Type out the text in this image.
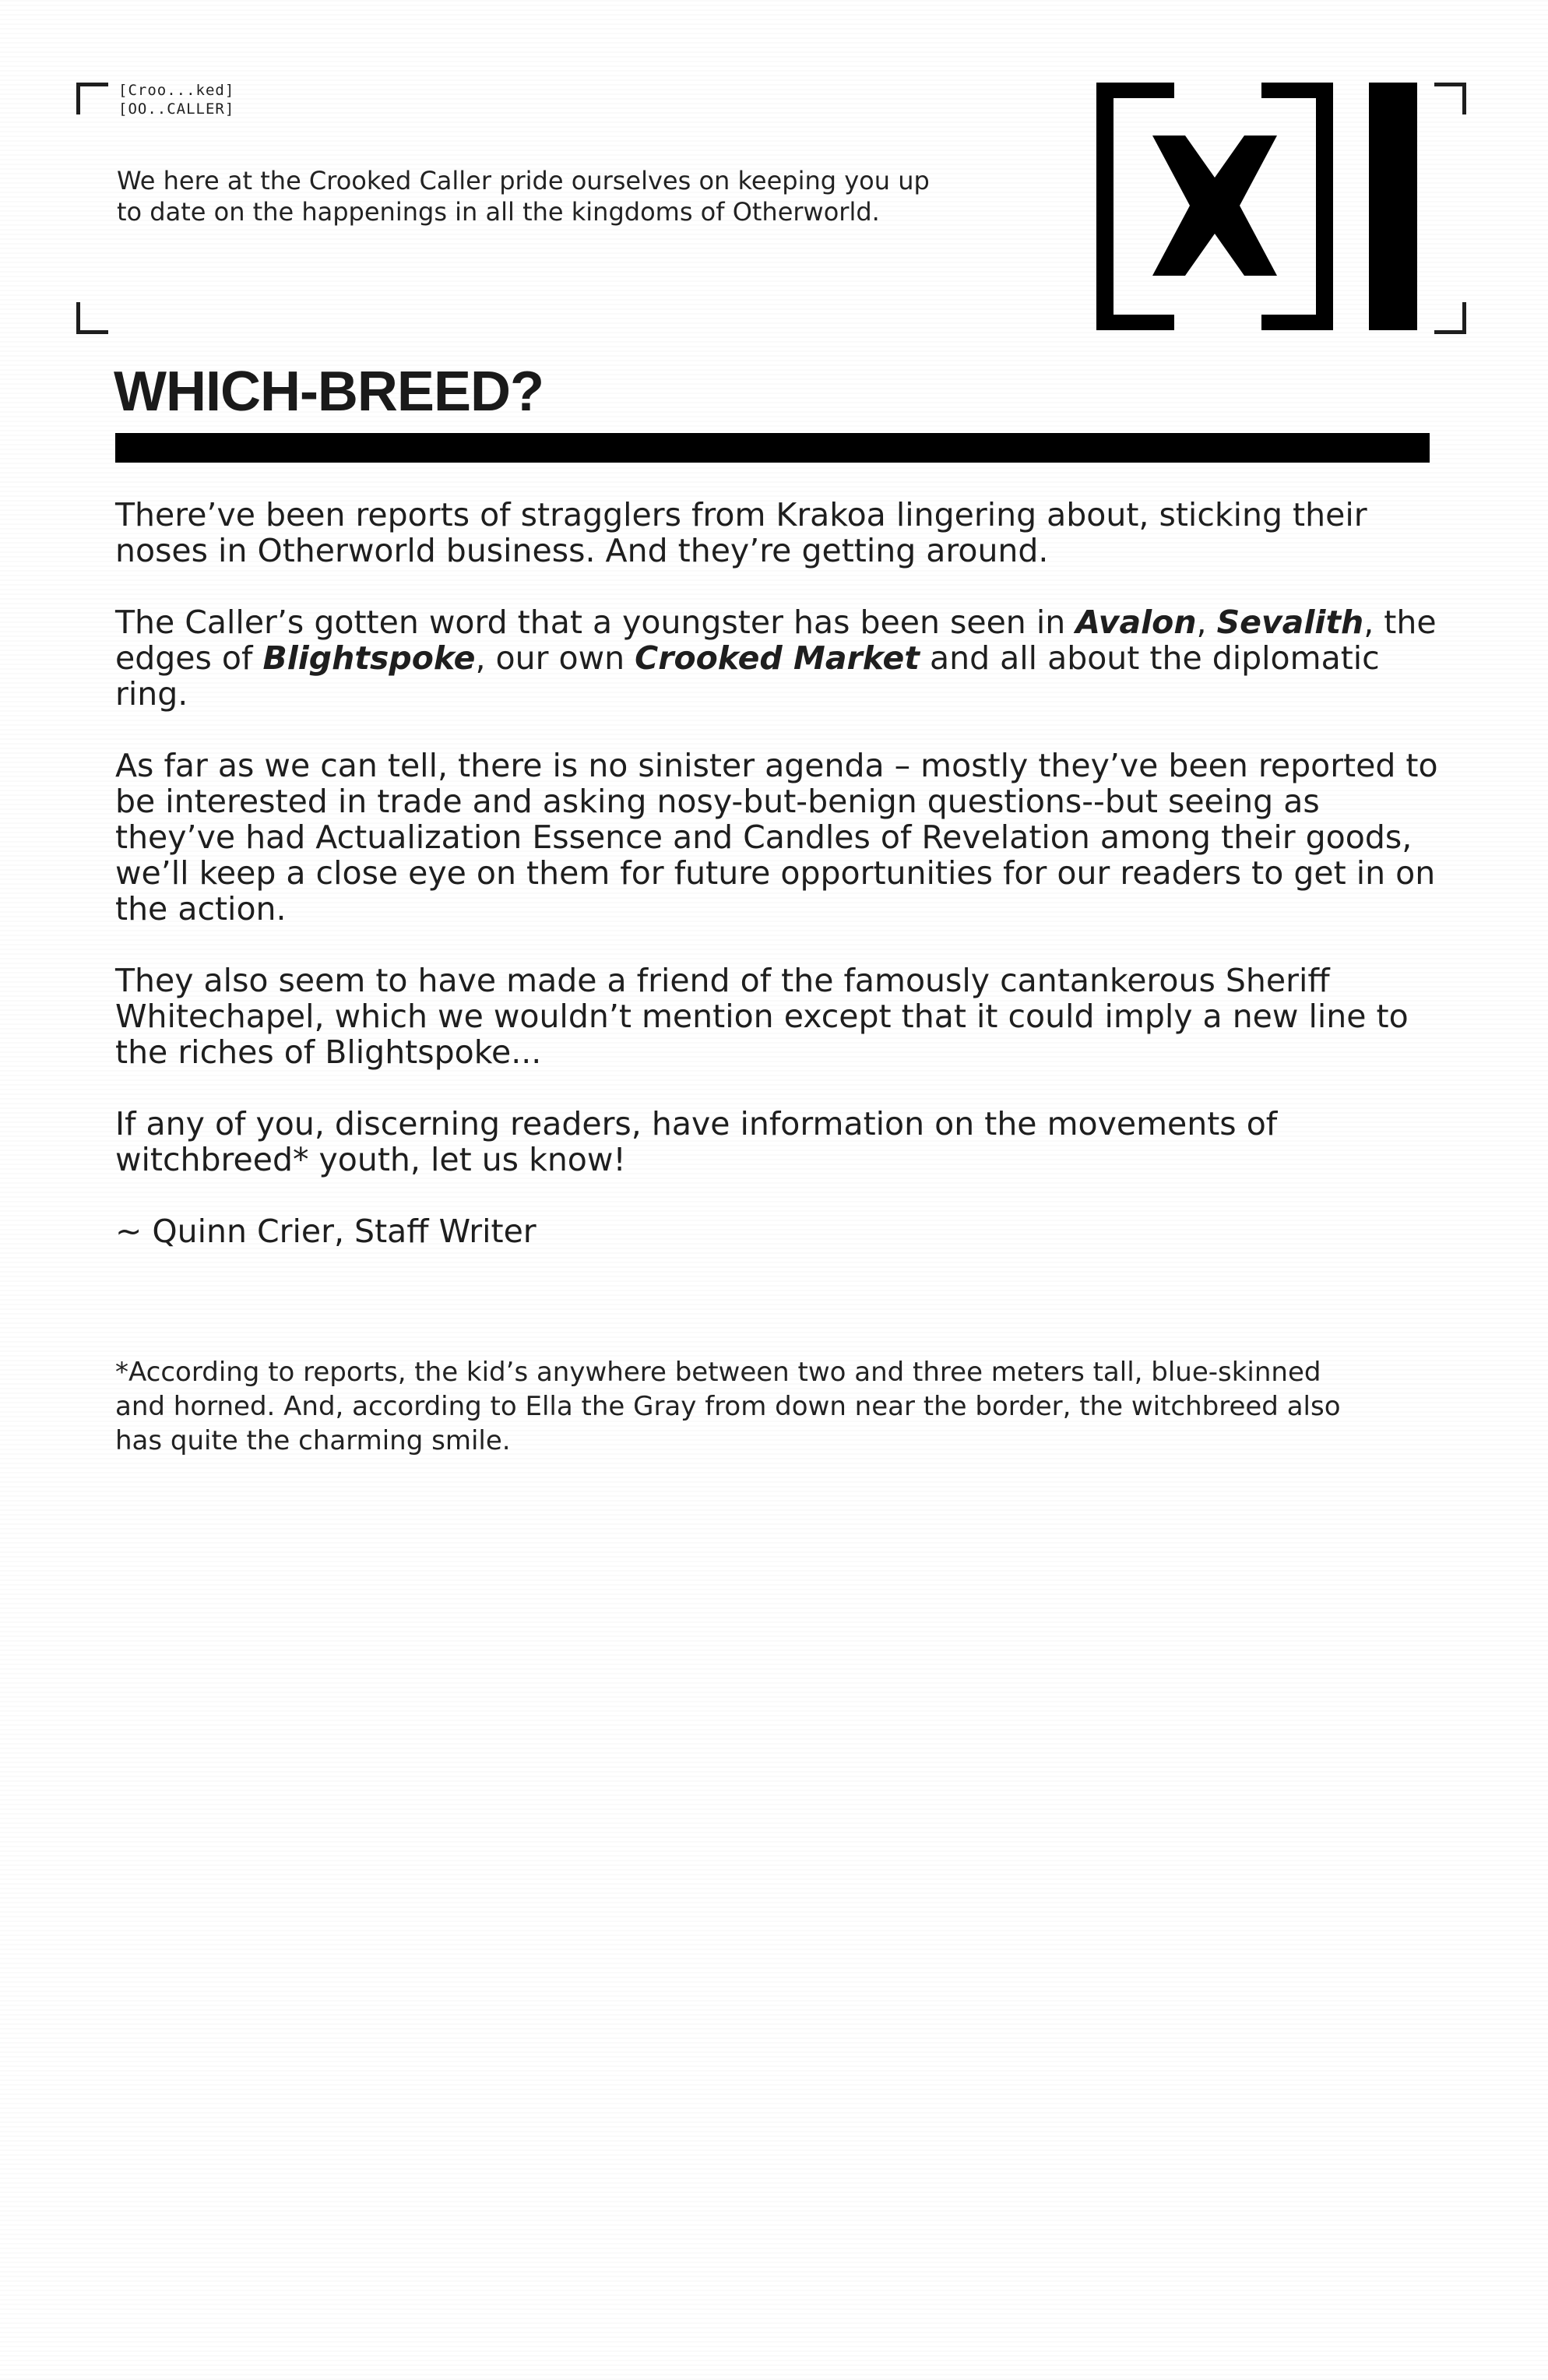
[Croo...ked]
[OO..CALLER]
We here at the Crooked Caller pride ourselves on keeping you up to date on the happenings in all the kingdoms of Otherworld.
WHICH-BREED?

There’ve been reports of stragglers from Krakoa lingering about, sticking their noses in Otherworld business. And they’re getting around.

The Caller’s gotten word that a youngster has been seen in Avalon, Sevalith, the edges of Blightspoke, our own Crooked Market and all about the diplomatic ring.

As far as we can tell, there is no sinister agenda – mostly they’ve been reported to be interested in trade and asking nosy-but-benign questions--but seeing as they’ve had Actualization Essence and Candles of Revelation among their goods, we’ll keep a close eye on them for future opportunities for our readers to get in on the action.

They also seem to have made a friend of the famously cantankerous Sheriff Whitechapel, which we wouldn’t mention except that it could imply a new line to the riches of Blightspoke...

If any of you, discerning readers, have information on the movements of witchbreed* youth, let us know!

~ Quinn Crier, Staff Writer

*According to reports, the kid’s anywhere between two and three meters tall, blue-skinned and horned. And, according to Ella the Gray from down near the border, the witchbreed also has quite the charming smile.
